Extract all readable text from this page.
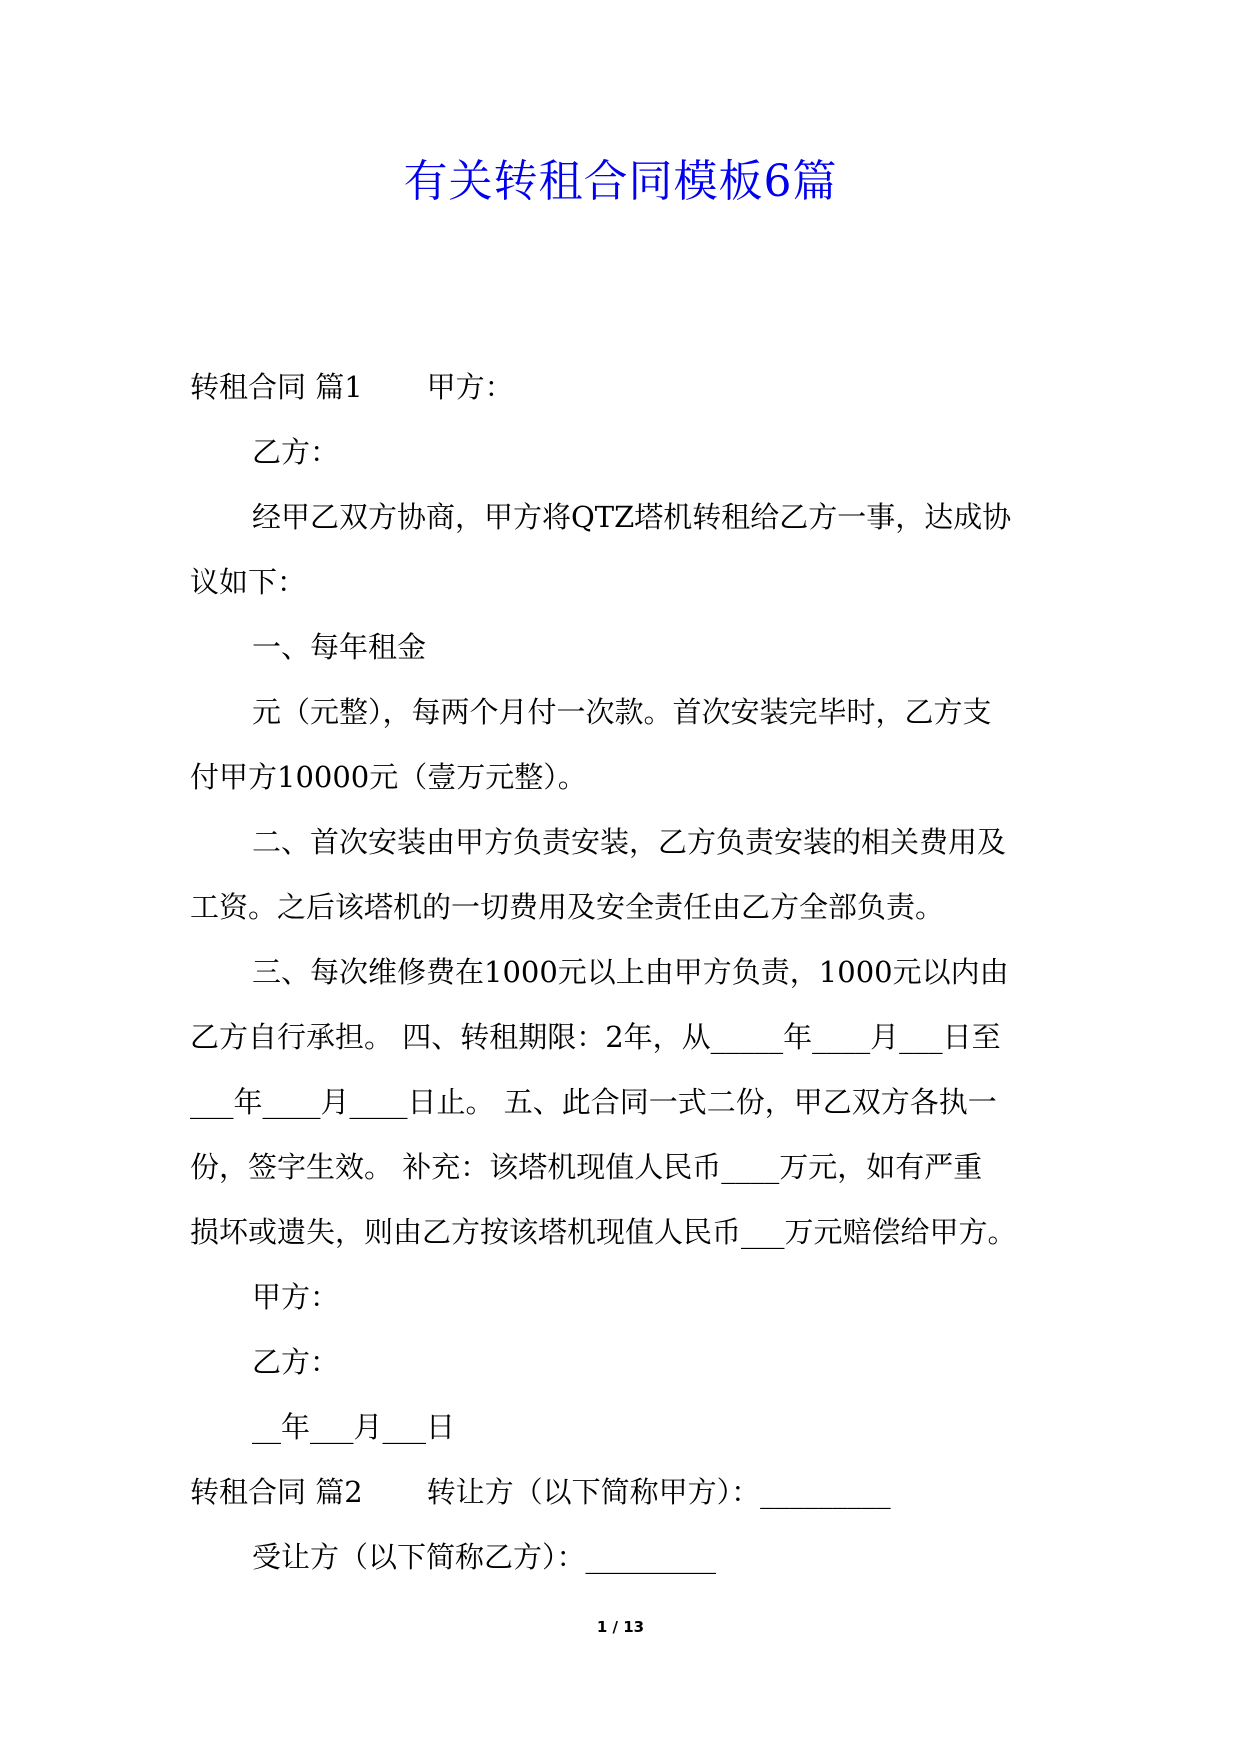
有关转租合同模板6篇

转租合同 篇1 甲方：

乙方：

经甲乙双方协商，甲方将QTZ塔机转租给乙方一事，达成协

议如下：

一、每年租金

元（元整），每两个月付一次款。首次安装完毕时，乙方支

付甲方10000元（壹万元整）。

二、首次安装由甲方负责安装，乙方负责安装的相关费用及

工资。之后该塔机的一切费用及安全责任由乙方全部负责。

三、每次维修费在1000元以上由甲方负责，1000元以内由

乙方自行承担。 四、转租期限：2年，从_____年____月___日至

___年____月____日止。 五、此合同一式二份，甲乙双方各执一

份，签字生效。 补充：该塔机现值人民币____万元，如有严重

损坏或遗失，则由乙方按该塔机现值人民币___万元赔偿给甲方。

甲方：

乙方：

__年___月___日

转租合同 篇2 转让方（以下简称甲方）：_________

受让方（以下简称乙方）：_________

1 / 13
